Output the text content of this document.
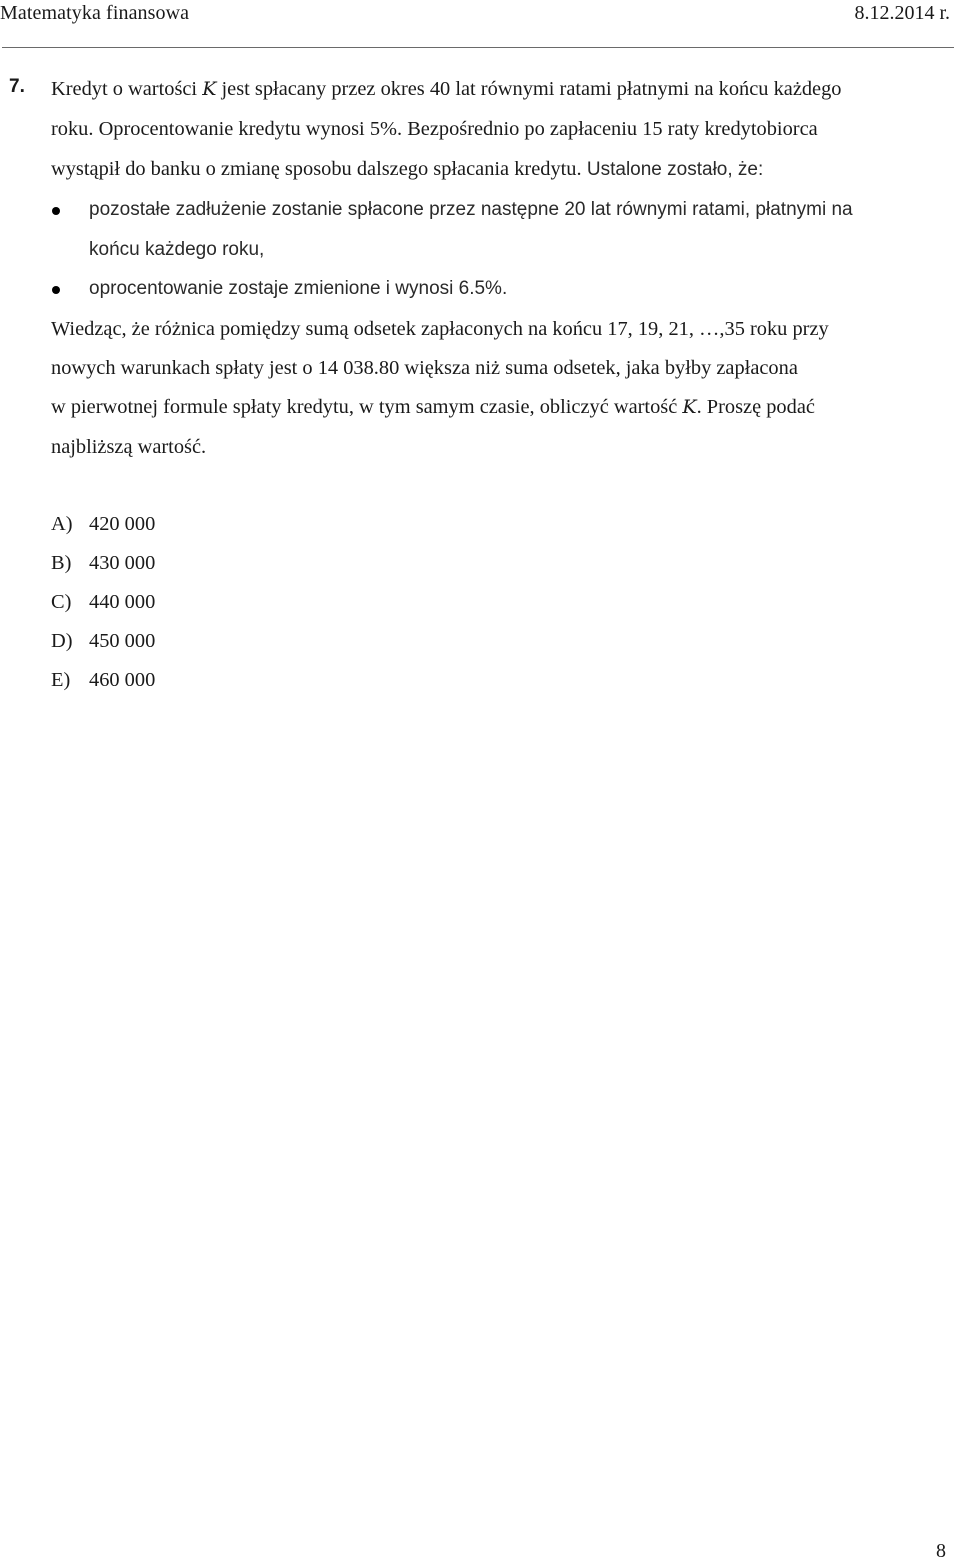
Matematyka finansowa	8.12.2014 r.
7. Kredyt o wartości K jest spłacany przez okres 40 lat równymi ratami płatnymi na końcu każdego
roku. Oprocentowanie kredytu wynosi 5%. Bezpośrednio po zapłaceniu 15 raty kredytobiorca
wystąpił do banku o zmianę sposobu dalszego spłacania kredytu. Ustalone zostało, że:
pozostałe zadłużenie zostanie spłacone przez następne 20 lat równymi ratami, płatnymi na
końcu każdego roku,
oprocentowanie zostaje zmienione i wynosi 6.5%.
Wiedząc, że różnica pomiędzy sumą odsetek zapłaconych na końcu 17, 19, 21, …,35 roku przy
nowych warunkach spłaty jest o 14 038.80 większa niż suma odsetek, jaka byłby zapłacona
w pierwotnej formule spłaty kredytu, w tym samym czasie, obliczyć wartość K. Proszę podać
najbliższą wartość.
A) 420 000
B) 430 000
C) 440 000
D) 450 000
E) 460 000
8
